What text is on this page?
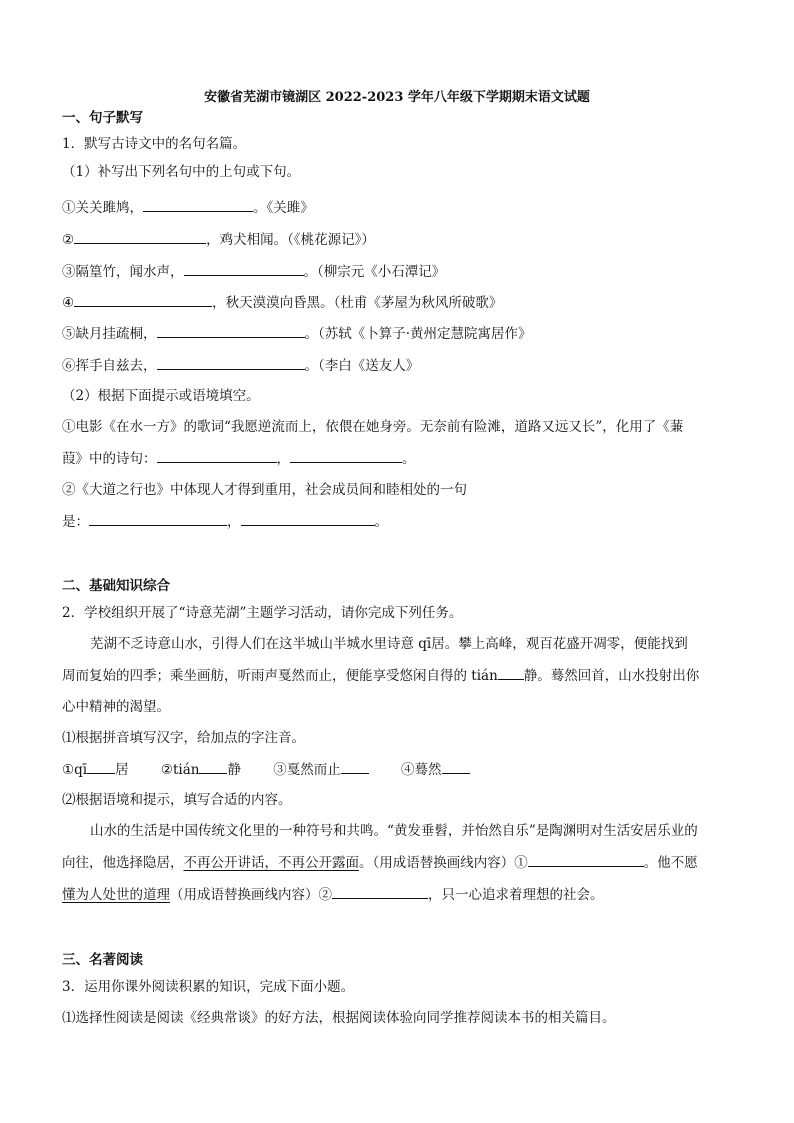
安徽省芜湖市镜湖区 2022-2023 学年八年级下学期期末语文试题
一、句子默写
1．默写古诗文中的名句名篇。
（1）补写出下列名句中的上句或下句。
①关关雎鸠，	。《关雎》
②	，鸡犬相闻。（《桃花源记》）
③隔篁竹，闻水声，	。（柳宗元《小石潭记》
④	，秋天漠漠向昏黑。（杜甫《茅屋为秋风所破歌》
⑤缺月挂疏桐，	。（苏轼《卜算子·黄州定慧院寓居作》
⑥挥手自兹去，	。（李白《送友人》
（2）根据下面提示或语境填空。
①电影《在水一方》的歌词“我愿逆流而上，依偎在她身旁。无奈前有险滩，道路又远又长”，化用了《蒹
葭》中的诗句：	，	。
②《大道之行也》中体现人才得到重用，社会成员间和睦相处的一句
是：	，	。
二、基础知识综合
2．学校组织开展了“诗意芜湖”主题学习活动，请你完成下列任务。
芜湖不乏诗意山水，引得人们在这半城山半城水里诗意 qī居。攀上高峰，观百花盛开凋零，便能找到
周而复始的四季；乘坐画舫，听雨声戛然而止，便能享受悠闲自得的 tián 静。蓦然回首，山水投射出你
心中精神的渴望。
⑴根据拼音填写汉字，给加点的字注音。
①qī 居 ②tián 静 ③戛然而止	④蓦然
⑵根据语境和提示，填写合适的内容。
山水的生活是中国传统文化里的一种符号和共鸣。“黄发垂髫，并怡然自乐”是陶渊明对生活安居乐业的
向往，他选择隐居，不再公开讲话，不再公开露面。（用成语替换画线内容）①	。他不愿
懂为人处世的道理（用成语替换画线内容）②	，只一心追求着理想的社会。
三、名著阅读
3．运用你课外阅读积累的知识，完成下面小题。
⑴选择性阅读是阅读《经典常谈》的好方法，根据阅读体验向同学推荐阅读本书的相关篇目。
